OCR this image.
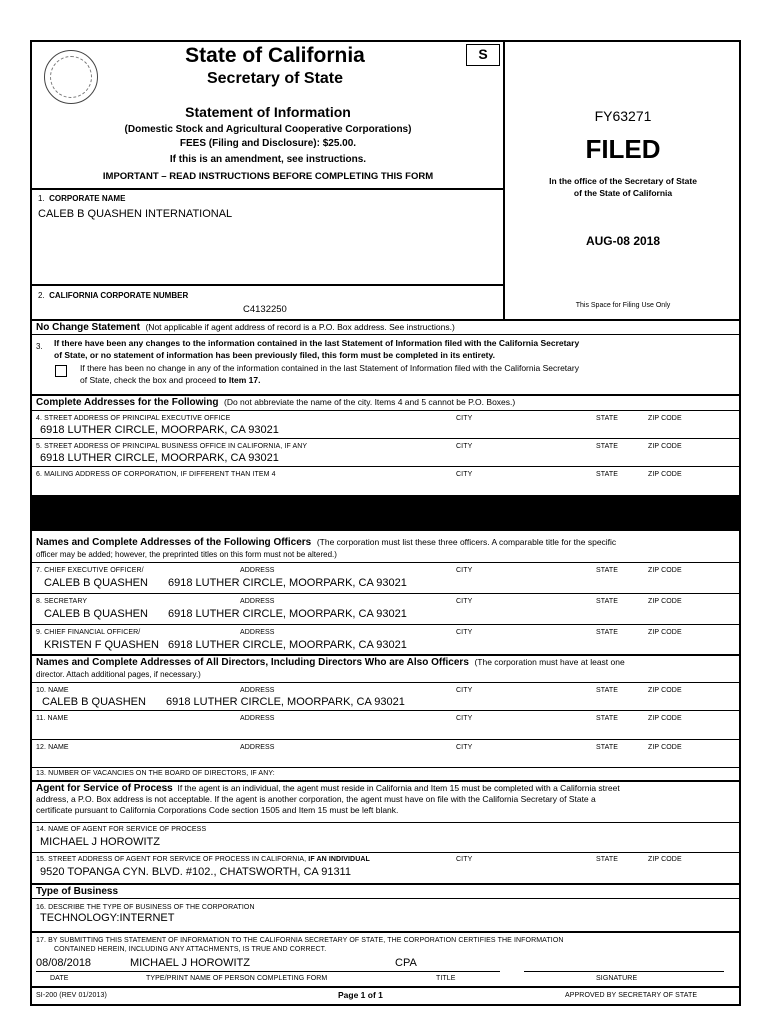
State of California
Secretary of State
S
Statement of Information
(Domestic Stock and Agricultural Cooperative Corporations)
FEES (Filing and Disclosure): $25.00.
If this is an amendment, see instructions.
IMPORTANT – READ INSTRUCTIONS BEFORE COMPLETING THIS FORM
FY63271
FILED
In the office of the Secretary of State
of the State of California
AUG-08 2018
This Space for Filing Use Only
1. CORPORATE NAME
CALEB B QUASHEN INTERNATIONAL
2. CALIFORNIA CORPORATE NUMBER
C4132250
No Change Statement (Not applicable if agent address of record is a P.O. Box address. See instructions.)
3. If there have been any changes to the information contained in the last Statement of Information filed with the California Secretary
of State, or no statement of information has been previously filed, this form must be completed in its entirety.
If there has been no change in any of the information contained in the last Statement of Information filed with the California Secretary
of State, check the box and proceed to Item 17.
Complete Addresses for the Following (Do not abbreviate the name of the city. Items 4 and 5 cannot be P.O. Boxes.)
4. STREET ADDRESS OF PRINCIPAL EXECUTIVE OFFICE	CITY	STATE	ZIP CODE
6918 LUTHER CIRCLE, MOORPARK, CA 93021
5. STREET ADDRESS OF PRINCIPAL BUSINESS OFFICE IN CALIFORNIA, IF ANY	CITY	STATE	ZIP CODE
6918 LUTHER CIRCLE, MOORPARK, CA 93021
6. MAILING ADDRESS OF CORPORATION, IF DIFFERENT THAN ITEM 4	CITY	STATE	ZIP CODE
Names and Complete Addresses of the Following Officers (The corporation must list these three officers. A comparable title for the specific
officer may be added; however, the preprinted titles on this form must not be altered.)
7. CHIEF EXECUTIVE OFFICER/	ADDRESS	CITY	STATE	ZIP CODE
CALEB B QUASHEN 6918 LUTHER CIRCLE, MOORPARK, CA 93021
8. SECRETARY	ADDRESS	CITY	STATE	ZIP CODE
CALEB B QUASHEN 6918 LUTHER CIRCLE, MOORPARK, CA 93021
9. CHIEF FINANCIAL OFFICER/	ADDRESS	CITY	STATE	ZIP CODE
KRISTEN F QUASHEN 6918 LUTHER CIRCLE, MOORPARK, CA 93021
Names and Complete Addresses of All Directors, Including Directors Who are Also Officers (The corporation must have at least one
director. Attach additional pages, if necessary.)
10. NAME	ADDRESS	CITY	STATE	ZIP CODE
CALEB B QUASHEN 6918 LUTHER CIRCLE, MOORPARK, CA 93021
11. NAME	ADDRESS	CITY	STATE	ZIP CODE
12. NAME	ADDRESS	CITY	STATE	ZIP CODE
13. NUMBER OF VACANCIES ON THE BOARD OF DIRECTORS, IF ANY:
Agent for Service of Process If the agent is an individual, the agent must reside in California and Item 15 must be completed with a California street
address, a P.O. Box address is not acceptable. If the agent is another corporation, the agent must have on file with the California Secretary of State a
certificate pursuant to California Corporations Code section 1505 and Item 15 must be left blank.
14. NAME OF AGENT FOR SERVICE OF PROCESS
MICHAEL J HOROWITZ
15. STREET ADDRESS OF AGENT FOR SERVICE OF PROCESS IN CALIFORNIA, IF AN INDIVIDUAL	CITY	STATE	ZIP CODE
9520 TOPANGA CYN. BLVD. #102., CHATSWORTH, CA 91311
Type of Business
16. DESCRIBE THE TYPE OF BUSINESS OF THE CORPORATION
TECHNOLOGY:INTERNET
17. BY SUBMITTING THIS STATEMENT OF INFORMATION TO THE CALIFORNIA SECRETARY OF STATE, THE CORPORATION CERTIFIES THE INFORMATION
CONTAINED HEREIN, INCLUDING ANY ATTACHMENTS, IS TRUE AND CORRECT.
08/08/2018	MICHAEL J HOROWITZ	CPA
DATE	TYPE/PRINT NAME OF PERSON COMPLETING FORM	TITLE	SIGNATURE
SI-200 (REV 01/2013)	Page 1 of 1	APPROVED BY SECRETARY OF STATE
